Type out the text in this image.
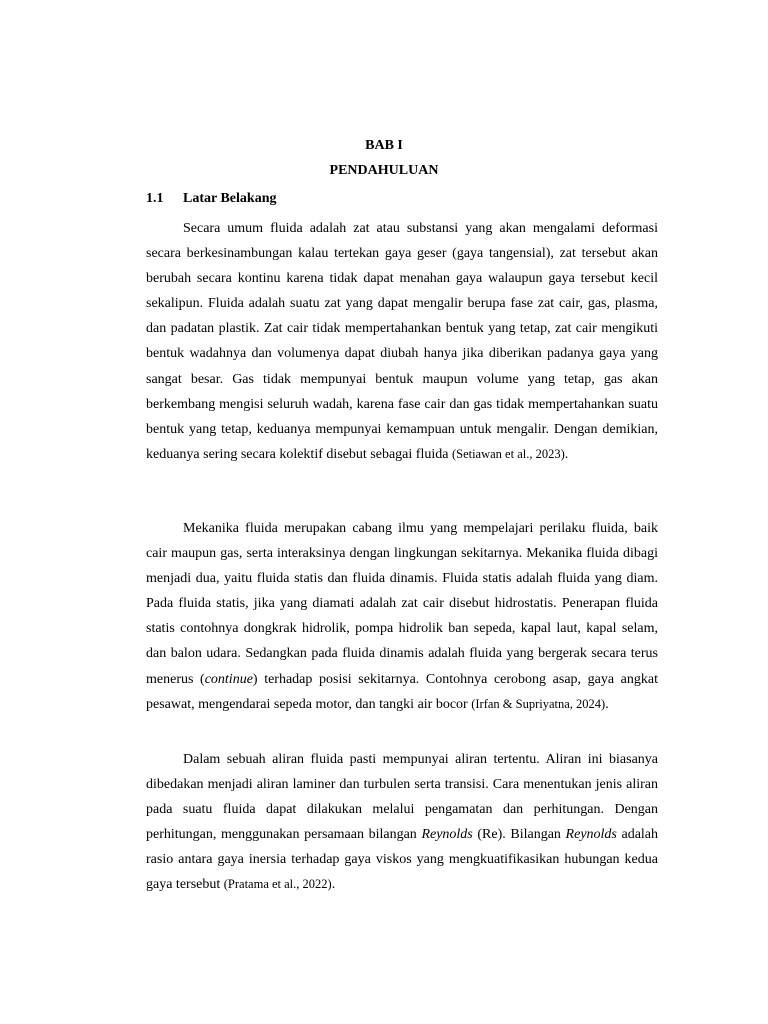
BAB I
PENDAHULUAN
1.1 Latar Belakang

Secara umum fluida adalah zat atau substansi yang akan mengalami deformasi secara berkesinambungan kalau tertekan gaya geser (gaya tangensial), zat tersebut akan berubah secara kontinu karena tidak dapat menahan gaya walaupun gaya tersebut kecil sekalipun. Fluida adalah suatu zat yang dapat mengalir berupa fase zat cair, gas, plasma, dan padatan plastik. Zat cair tidak mempertahankan bentuk yang tetap, zat cair mengikuti bentuk wadahnya dan volumenya dapat diubah hanya jika diberikan padanya gaya yang sangat besar. Gas tidak mempunyai bentuk maupun volume yang tetap, gas akan berkembang mengisi seluruh wadah, karena fase cair dan gas tidak mempertahankan suatu bentuk yang tetap, keduanya mempunyai kemampuan untuk mengalir. Dengan demikian, keduanya sering secara kolektif disebut sebagai fluida (Setiawan et al., 2023).

Mekanika fluida merupakan cabang ilmu yang mempelajari perilaku fluida, baik cair maupun gas, serta interaksinya dengan lingkungan sekitarnya. Mekanika fluida dibagi menjadi dua, yaitu fluida statis dan fluida dinamis. Fluida statis adalah fluida yang diam. Pada fluida statis, jika yang diamati adalah zat cair disebut hidrostatis. Penerapan fluida statis contohnya dongkrak hidrolik, pompa hidrolik ban sepeda, kapal laut, kapal selam, dan balon udara. Sedangkan pada fluida dinamis adalah fluida yang bergerak secara terus menerus (continue) terhadap posisi sekitarnya. Contohnya cerobong asap, gaya angkat pesawat, mengendarai sepeda motor, dan tangki air bocor (Irfan & Supriyatna, 2024).

Dalam sebuah aliran fluida pasti mempunyai aliran tertentu. Aliran ini biasanya dibedakan menjadi aliran laminer dan turbulen serta transisi. Cara menentukan jenis aliran pada suatu fluida dapat dilakukan melalui pengamatan dan perhitungan. Dengan perhitungan, menggunakan persamaan bilangan Reynolds (Re). Bilangan Reynolds adalah rasio antara gaya inersia terhadap gaya viskos yang mengkuatifikasikan hubungan kedua gaya tersebut (Pratama et al., 2022).
